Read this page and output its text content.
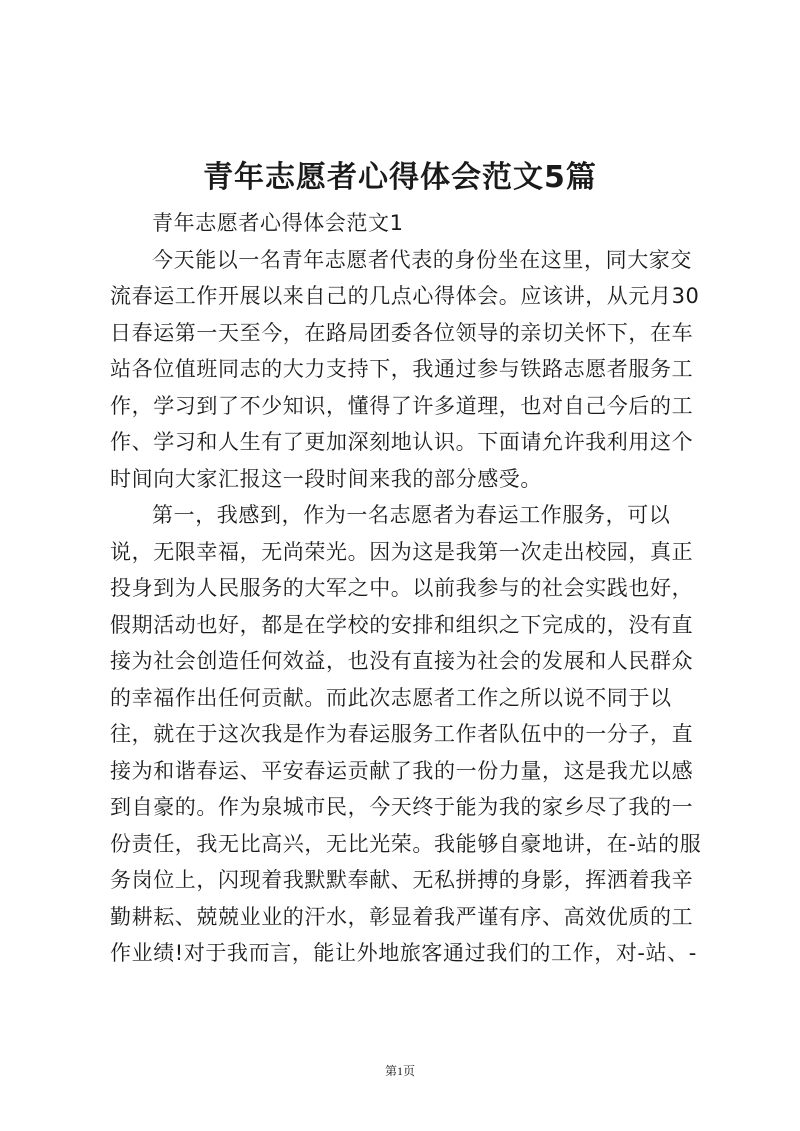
青年志愿者心得体会范文5篇
青年志愿者心得体会范文1
今天能以一名青年志愿者代表的身份坐在这里，同大家交
流春运工作开展以来自己的几点心得体会。应该讲，从元月30
日春运第一天至今，在路局团委各位领导的亲切关怀下，在车
站各位值班同志的大力支持下，我通过参与铁路志愿者服务工
作，学习到了不少知识，懂得了许多道理，也对自己今后的工
作、学习和人生有了更加深刻地认识。下面请允许我利用这个
时间向大家汇报这一段时间来我的部分感受。
第一，我感到，作为一名志愿者为春运工作服务，可以
说，无限幸福，无尚荣光。因为这是我第一次走出校园，真正
投身到为人民服务的大军之中。以前我参与的社会实践也好，
假期活动也好，都是在学校的安排和组织之下完成的，没有直
接为社会创造任何效益，也没有直接为社会的发展和人民群众
的幸福作出任何贡献。而此次志愿者工作之所以说不同于以
往，就在于这次我是作为春运服务工作者队伍中的一分子，直
接为和谐春运、平安春运贡献了我的一份力量，这是我尤以感
到自豪的。作为泉城市民，今天终于能为我的家乡尽了我的一
份责任，我无比高兴，无比光荣。我能够自豪地讲，在-站的服
务岗位上，闪现着我默默奉献、无私拼搏的身影，挥洒着我辛
勤耕耘、兢兢业业的汗水，彰显着我严谨有序、高效优质的工
作业绩!对于我而言，能让外地旅客通过我们的工作，对-站、-
第1页
